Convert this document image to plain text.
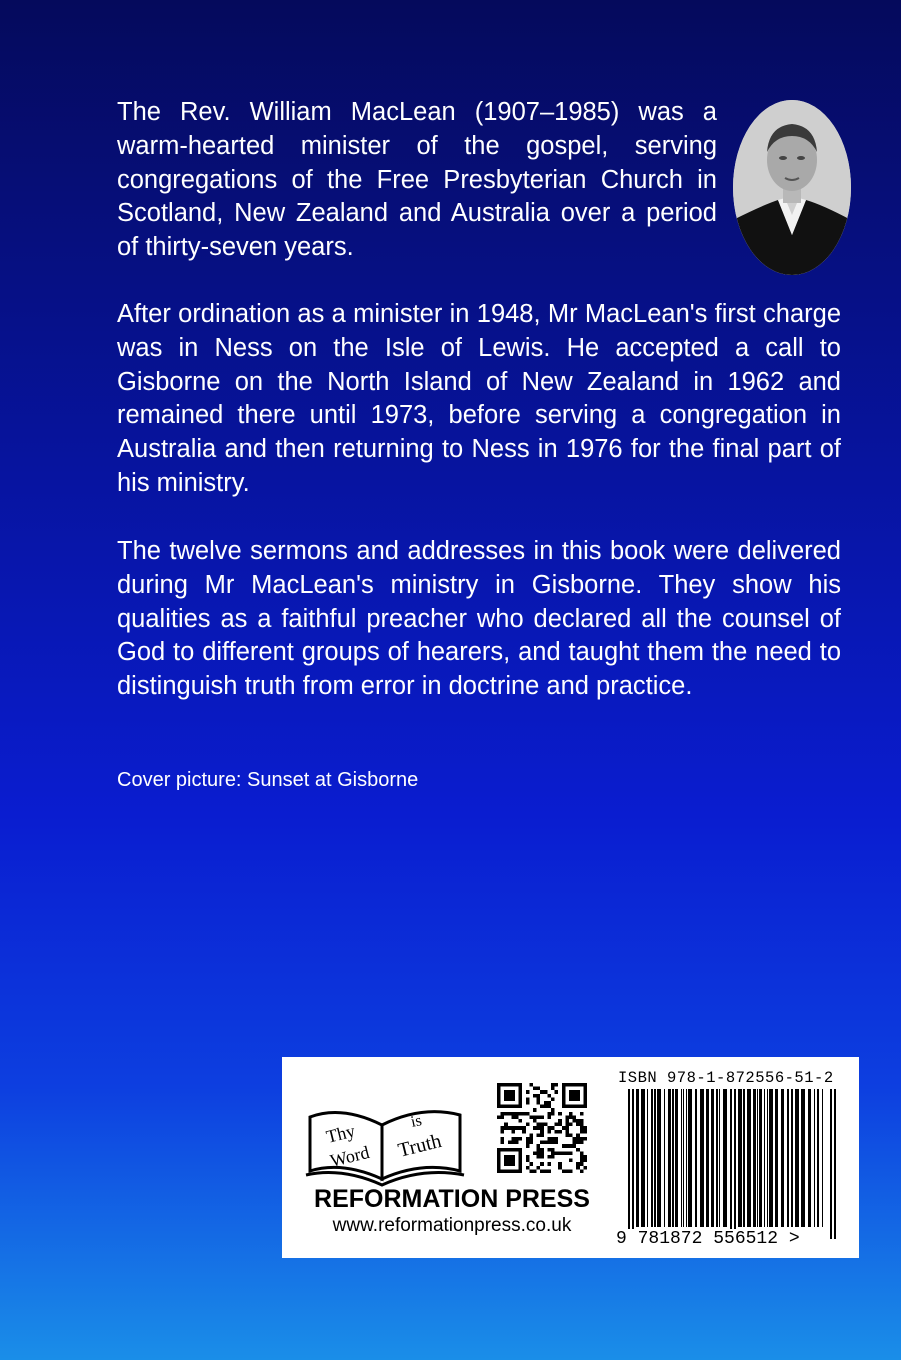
The Rev. William MacLean (1907–1985) was a warm-hearted minister of the gospel, serving congregations of the Free Presbyterian Church in Scotland, New Zealand and Australia over a period of thirty-seven years.

After ordination as a minister in 1948, Mr MacLean's first charge was in Ness on the Isle of Lewis. He accepted a call to Gisborne on the North Island of New Zealand in 1962 and remained there until 1973, before serving a congregation in Australia and then returning to Ness in 1976 for the final part of his ministry.

The twelve sermons and addresses in this book were delivered during Mr MacLean's ministry in Gisborne. They show his qualities as a faithful preacher who declared all the counsel of God to different groups of hearers, and taught them the need to distinguish truth from error in doctrine and practice.

Cover picture: Sunset at Gisborne

Thy
Word
is
Truth

REFORMATION PRESS

www.reformationpress.co.uk

ISBN 978-1-872556-51-2

9 781872 556512 >
